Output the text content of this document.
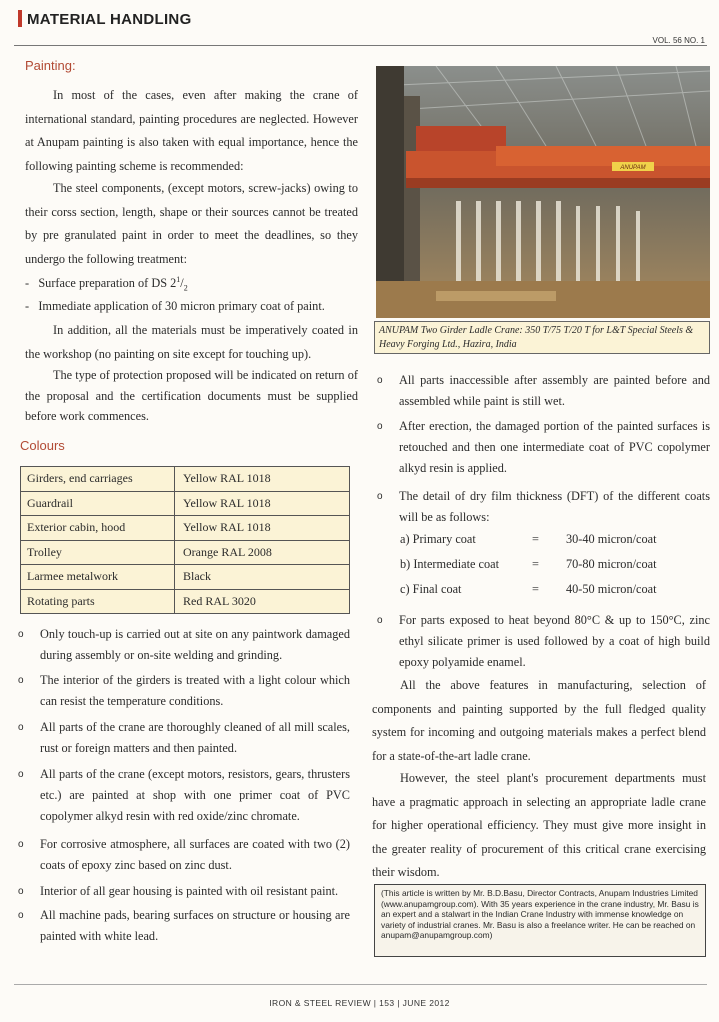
MATERIAL HANDLING
VOL. 56 NO. 1
Painting:
In most of the cases, even after making the crane of international standard, painting procedures are neglected. However at Anupam painting is also taken with equal importance, hence the following painting scheme is recommended:
The steel components, (except motors, screw-jacks) owing to their corss section, length, shape or their sources cannot be treated by pre granulated paint in order to meet the deadlines, so they undergo the following treatment:
-   Surface preparation of DS $2^1/_2$
-   Immediate application of 30 micron primary coat of paint.
In addition, all the materials must be imperatively coated in the workshop (no painting on site except for touching up).
The type of protection proposed will be indicated on return of the proposal and the certification documents must be supplied before work commences.
Colours
Girders, end carriages	Yellow RAL 1018
Guardrail	Yellow RAL 1018
Exterior cabin, hood	Yellow RAL 1018
Trolley	Orange RAL 2008
Larmee metalwork	Black
Rotating parts	Red RAL 3020
o Only touch-up is carried out at site on any paintwork damaged during assembly or on-site welding and grinding.
o The interior of the girders is treated with a light colour which can resist the temperature conditions.
o All parts of the crane are thoroughly cleaned of all mill scales, rust or foreign matters and then painted.
o All parts of the crane (except motors, resistors, gears, thrusters etc.) are painted at shop with one primer coat of PVC copolymer alkyd resin with red oxide/zinc chromate.
o For corrosive atmosphere, all surfaces are coated with two (2) coats of epoxy zinc based on zinc dust.
o Interior of all gear housing is painted with oil resistant paint.
o All machine pads, bearing surfaces on structure or housing are painted with white lead.
ANUPAM
ANUPAM Two Girder Ladle Crane: 350 T/75 T/20 T for L&T Special Steels & Heavy Forging Ltd., Hazira, India
o All parts inaccessible after assembly are painted before and assembled while paint is still wet.
o After erection, the damaged portion of the painted surfaces is retouched and then one intermediate coat of PVC copolymer alkyd resin is applied.
o The detail of dry film thickness (DFT) of the different coats will be as follows:
a) Primary coat	= 30-40 micron/coat
b) Intermediate coat	= 70-80 micron/coat
c) Final coat	= 40-50 micron/coat
o For parts exposed to heat beyond 80°C & up to 150°C, zinc ethyl silicate primer is used followed by a coat of high build epoxy polyamide enamel.
All the above features in manufacturing, selection of components and painting supported by the full fledged quality system for incoming and outgoing materials makes a perfect blend for a state-of-the-art ladle crane.
However, the steel plant's procurement departments must have a pragmatic approach in selecting an appropriate ladle crane for higher operational efficiency. They must give more insight in the greater reality of procurement of this critical crane exercising their wisdom.
(This article is written by Mr. B.D.Basu, Director Contracts, Anupam Industries Limited (www.anupamgroup.com). With 35 years experience in the crane industry, Mr. Basu is an expert and a stalwart in the Indian Crane Industry with immense knowledge on variety of industrial cranes. Mr. Basu is also a freelance writer. He can be reached on anupam@anupamgroup.com)
IRON & STEEL REVIEW | 153 | JUNE 2012
